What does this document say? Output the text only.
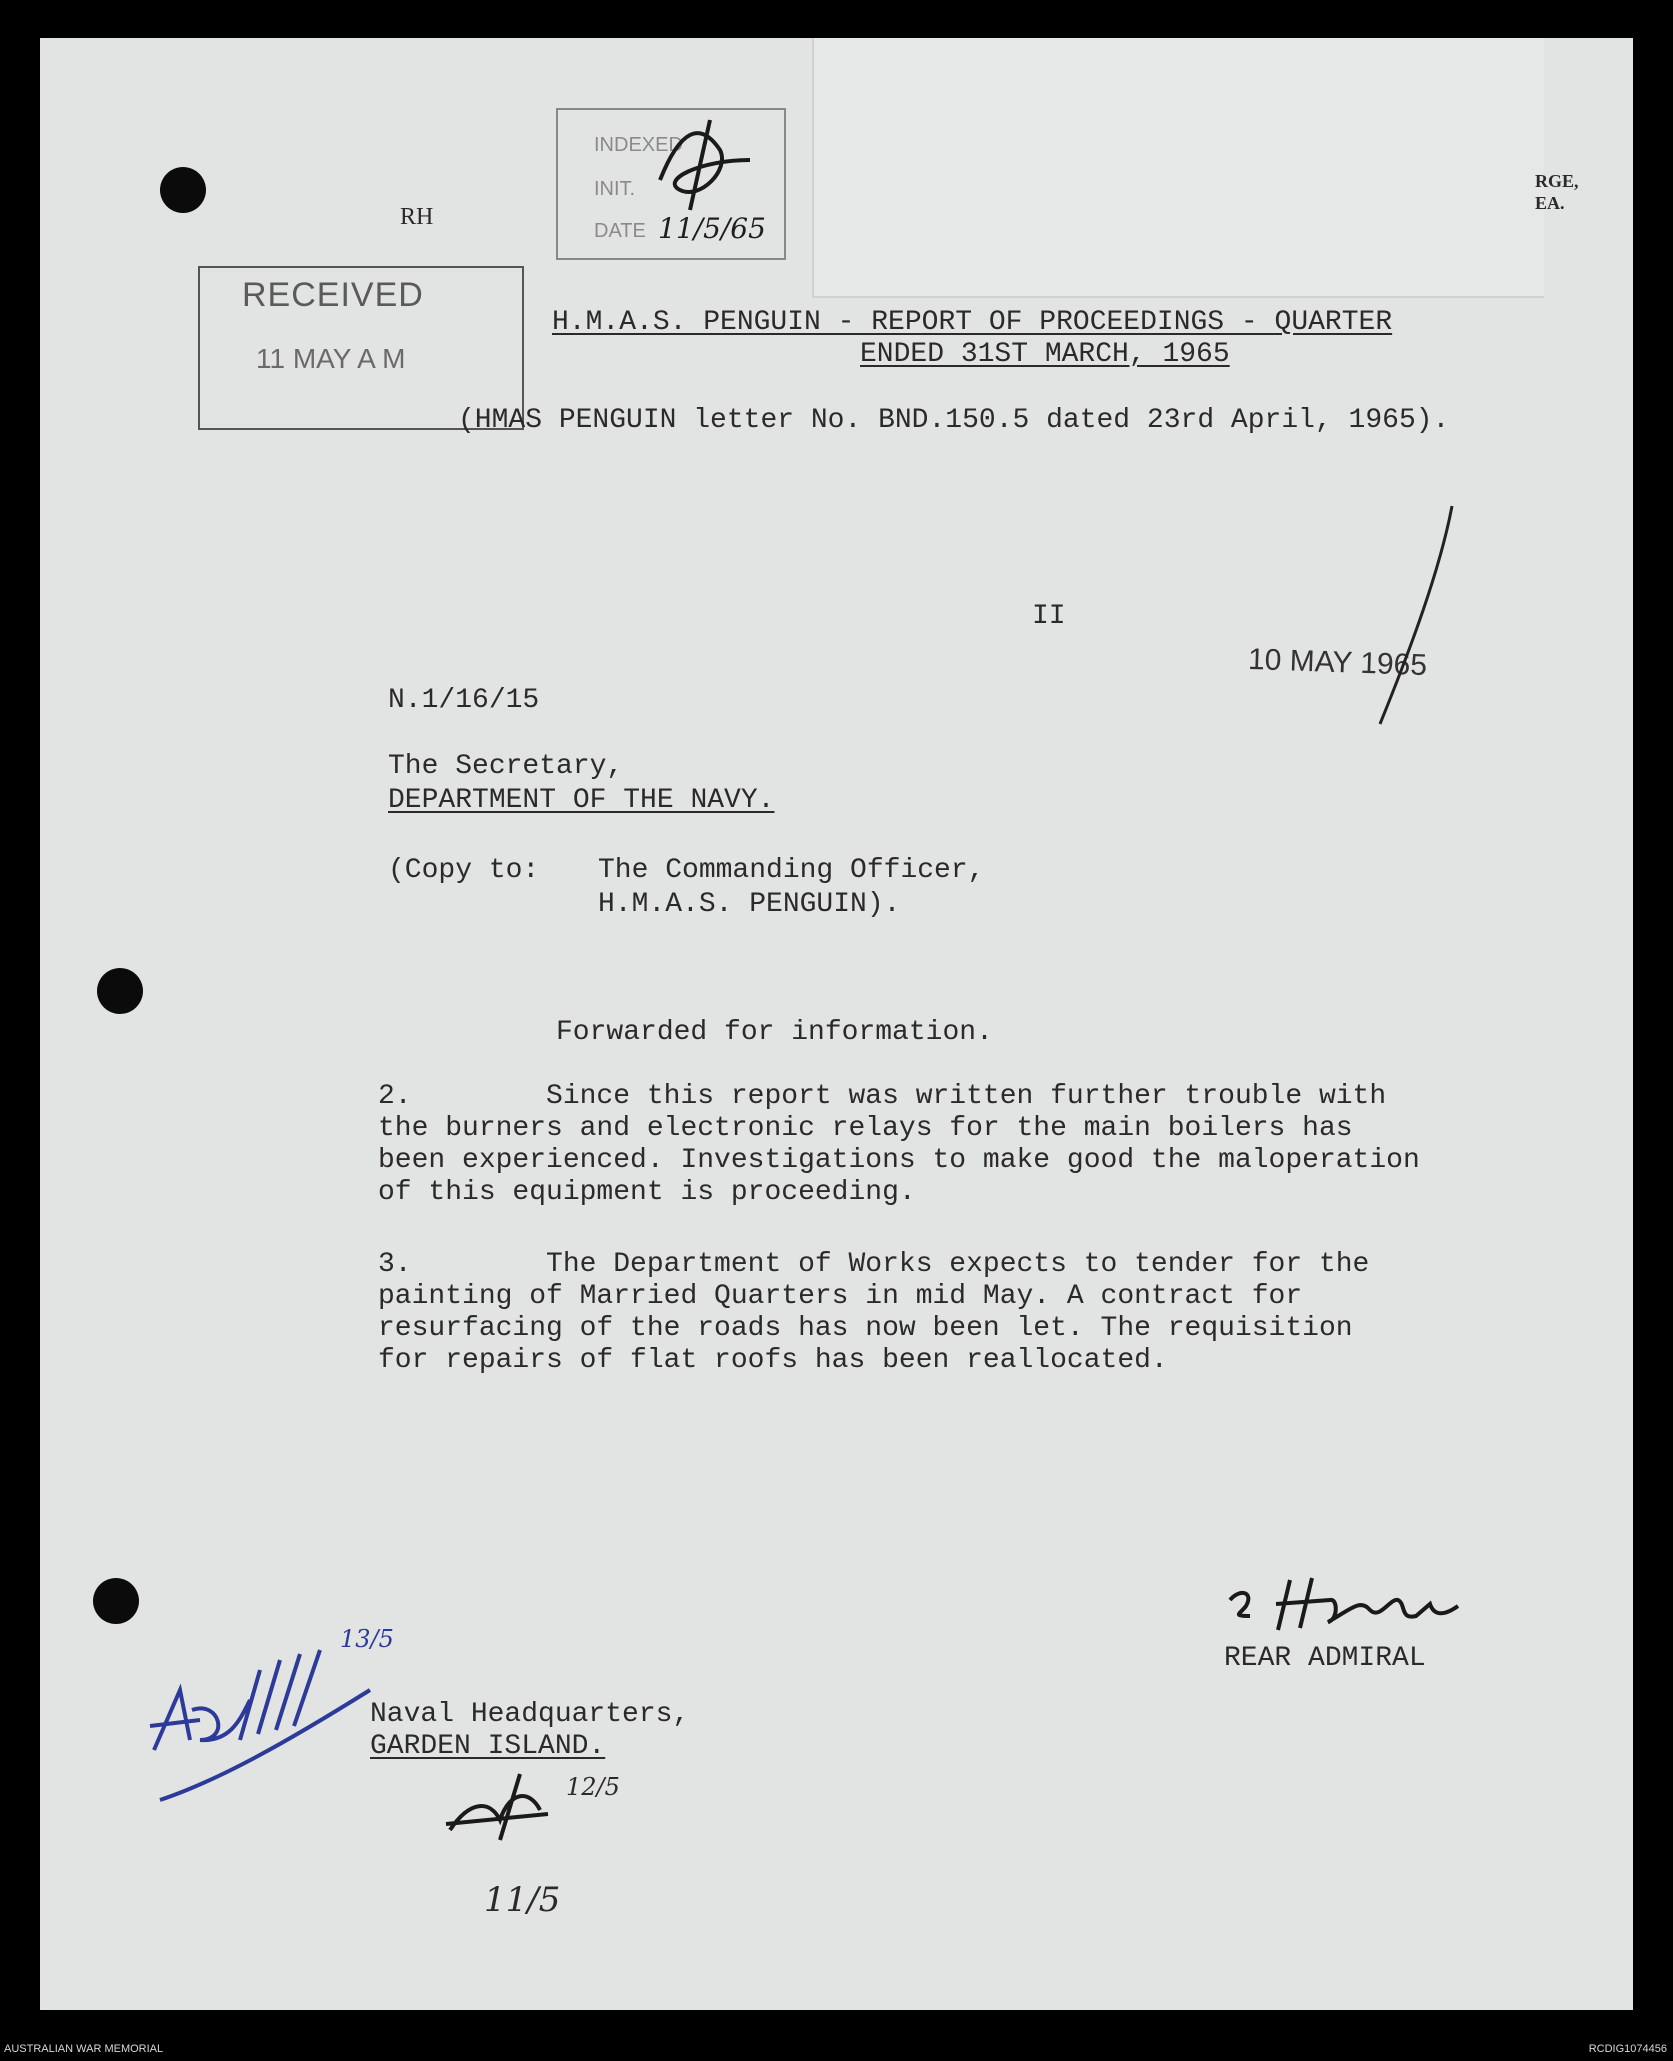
RGE,
EA.
RH
INDEXED
INIT.
DATE 11/5/65
RECEIVED
11 MAY A M
H.M.A.S. PENGUIN - REPORT OF PROCEEDINGS - QUARTER
ENDED 31ST MARCH, 1965
(HMAS PENGUIN letter No. BND.150.5 dated 23rd April, 1965).
II
10 MAY 1965
N.1/16/15
The Secretary,
DEPARTMENT OF THE NAVY.
(Copy to: The Commanding Officer,
H.M.A.S. PENGUIN).
Forwarded for information.
2.        Since this report was written further trouble with
the burners and electronic relays for the main boilers has
been experienced. Investigations to make good the maloperation
of this equipment is proceeding.
3.        The Department of Works expects to tender for the
painting of Married Quarters in mid May. A contract for
resurfacing of the roads has now been let. The requisition
for repairs of flat roofs has been reallocated.
REAR ADMIRAL
Naval Headquarters,
GARDEN ISLAND.
13/5
12/5
11/5
AUSTRALIAN WAR MEMORIAL	RCDIG1074456
